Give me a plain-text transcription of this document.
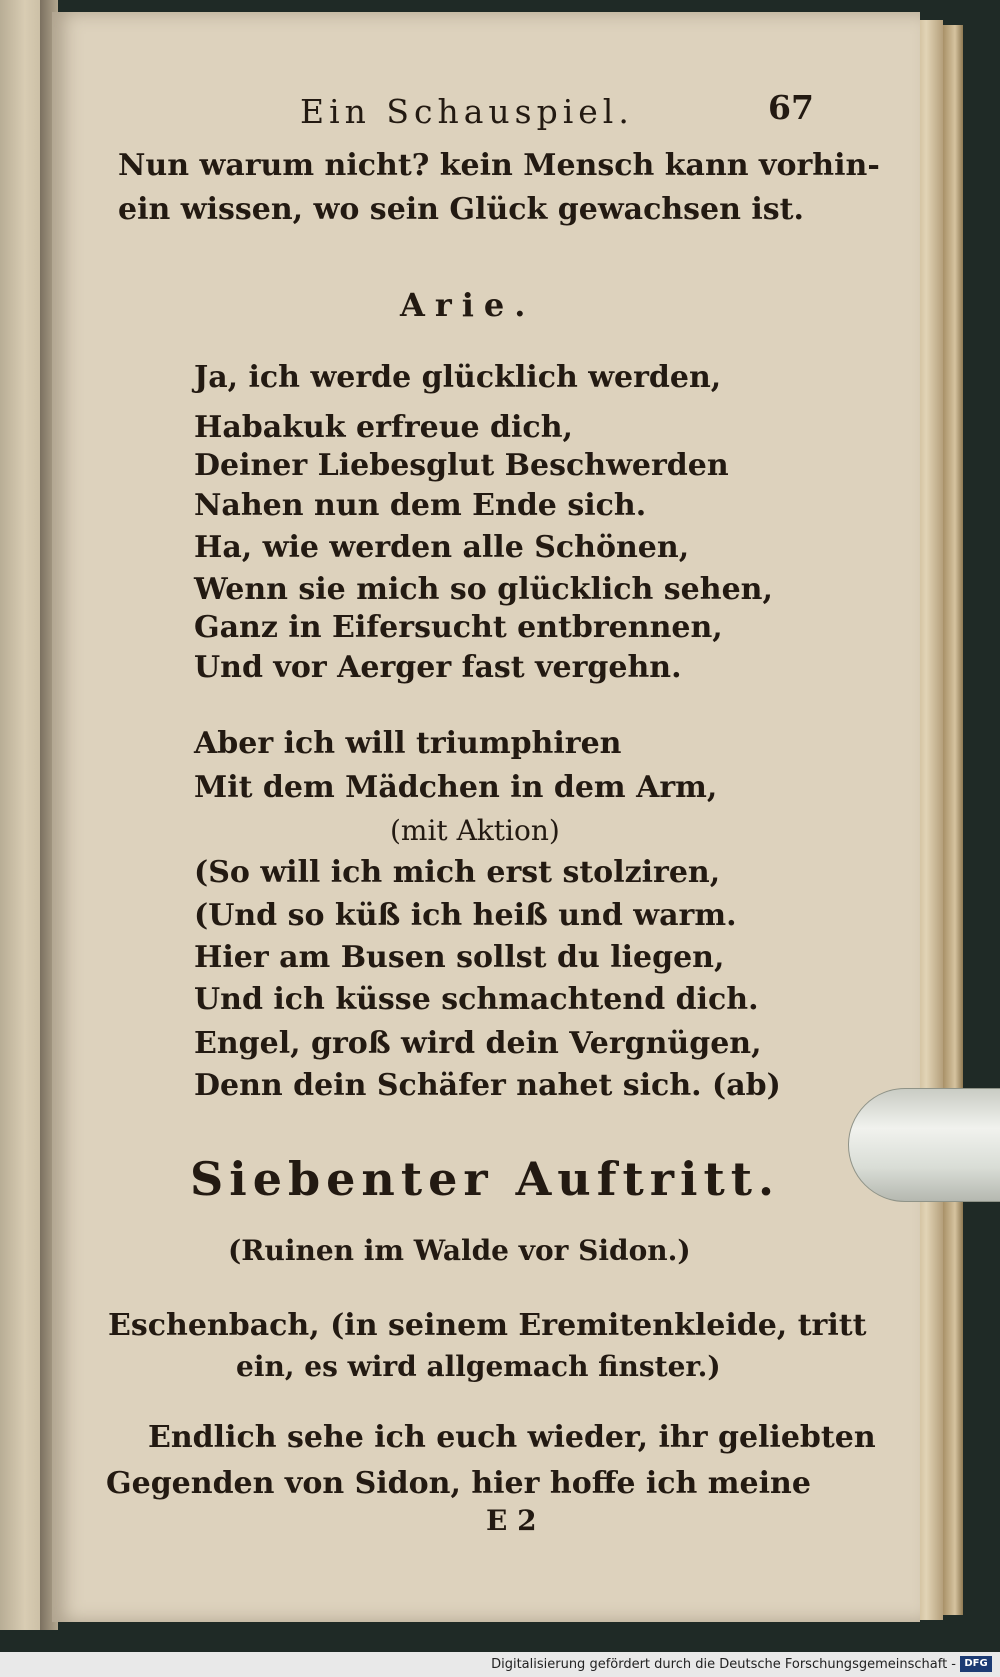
Ein Schauspiel.	67
Nun warum nicht? kein Mensch kann vorhin-
ein wissen, wo sein Glück gewachsen ist.
Arie.
Ja, ich werde glücklich werden,
Habakuk erfreue dich,
Deiner Liebesglut Beschwerden
Nahen nun dem Ende sich.
Ha, wie werden alle Schönen,
Wenn sie mich so glücklich sehen,
Ganz in Eifersucht entbrennen,
Und vor Aerger fast vergehn.
Aber ich will triumphiren
Mit dem Mädchen in dem Arm,
(mit Aktion)
(So will ich mich erst stolziren,
(Und so küß ich heiß und warm.
Hier am Busen sollst du liegen,
Und ich küsse schmachtend dich.
Engel, groß wird dein Vergnügen,
Denn dein Schäfer nahet sich. (ab)
Siebenter Auftritt.
(Ruinen im Walde vor Sidon.)
Eschenbach, (in seinem Eremitenkleide, tritt
ein, es wird allgemach finster.)
Endlich sehe ich euch wieder, ihr geliebten
Gegenden von Sidon, hier hoffe ich meine
E 2
Digitalisierung gefördert durch die Deutsche Forschungsgemeinschaft - DFG
